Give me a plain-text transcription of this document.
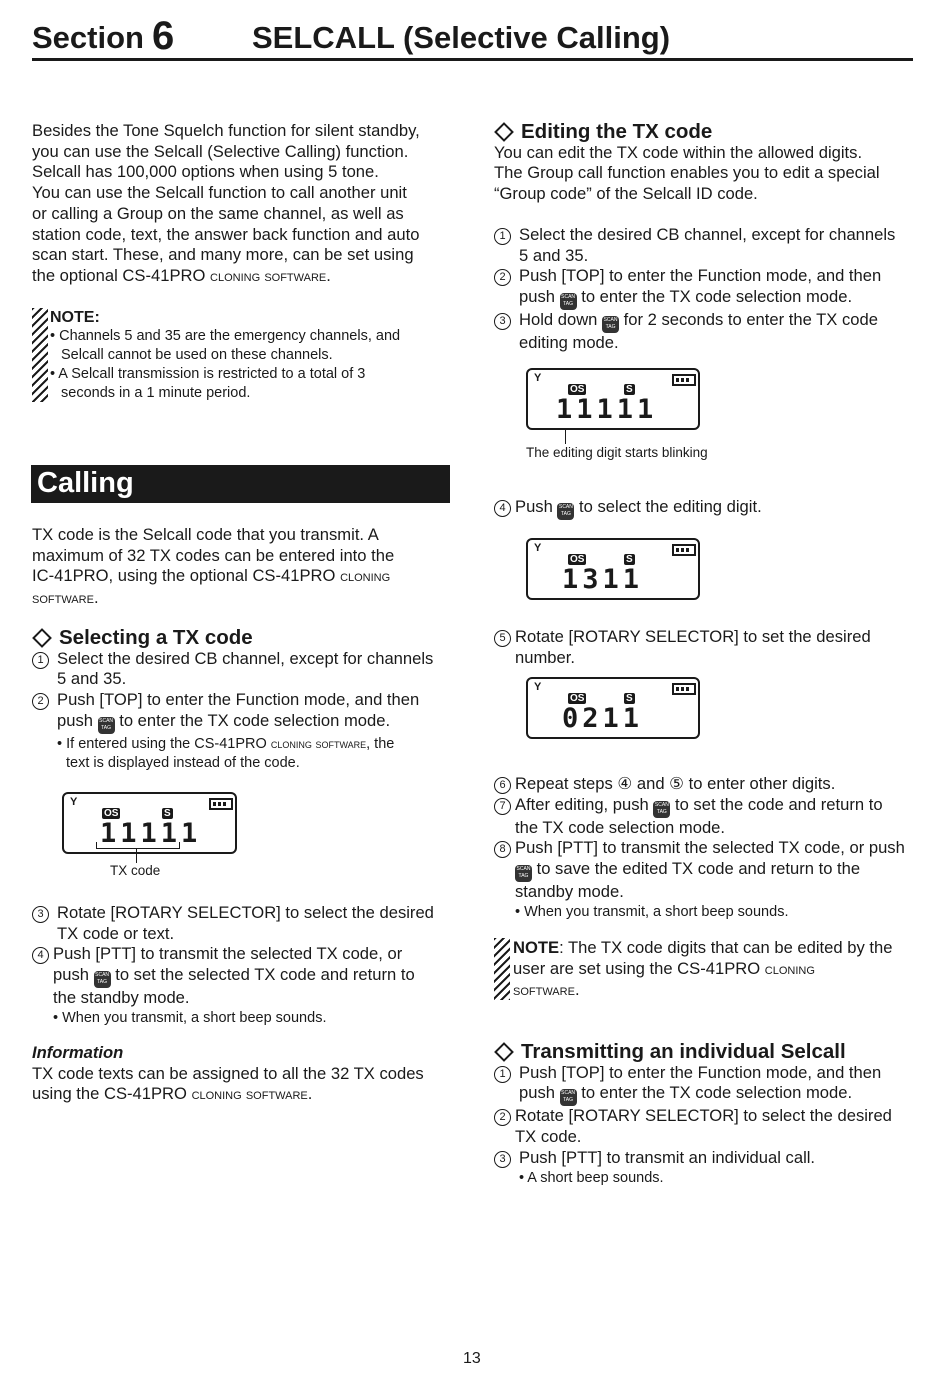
Section 6	SELCALL (Selective Calling)

Besides the Tone Squelch function for silent standby,

you can use the Selcall (Selective Calling) function.

Selcall has 100,000 options when using 5 tone.

You can use the Selcall function to call another unit

or calling a Group on the same channel, as well as

station code, text, the answer back function and auto

scan start. These, and many more, can be set using

the optional CS-41PRO cloning software.

NOTE:

• Channels 5 and 35 are the emergency channels, and

Selcall cannot be used on these channels.

• A Selcall transmission is restricted to a total of 3

seconds in a 1 minute period.

Calling

TX code is the Selcall code that you transmit. A

maximum of 32 TX codes can be entered into the

IC-41PRO, using the optional CS-41PRO cloning

software.

Selecting a TX code
1 Select the desired CB channel, except for channels

5 and 35.

2 Push [TOP] to enter the Function mode, and then

push SCAN
TAG to enter the TX code selection mode.

• If entered using the CS-41PRO cloning software, the

text is displayed instead of the code.

Y
OS	S
11111
TX code
3 Rotate [ROTARY SELECTOR] to select the desired

TX code or text.

4 Push [PTT] to transmit the selected TX code, or

push SCAN
TAG to set the selected TX code and return to

the standby mode.

• When you transmit, a short beep sounds.

Information

TX code texts can be assigned to all the 32 TX codes

using the CS-41PRO cloning software.

Editing the TX code

You can edit the TX code within the allowed digits.

The Group call function enables you to edit a special

“Group code” of the Selcall ID code.

1 Select the desired CB channel, except for channels

5 and 35.

2 Push [TOP] to enter the Function mode, and then

push SCAN
TAG to enter the TX code selection mode.

3 Hold down SCAN
TAG for 2 seconds to enter the TX code

editing mode.

Y
OS	S
11111
The editing digit starts blinking
4 Push SCAN
TAG to select the editing digit.

Y
OS	S
1311
5 Rotate [ROTARY SELECTOR] to set the desired

number.

Y
OS	S
0211
6 Repeat steps ④ and ⑤ to enter other digits.

7 After editing, push SCAN
TAG to set the code and return to

the TX code selection mode.

8 Push [PTT] to transmit the selected TX code, or push

SCAN
TAG to save the edited TX code and return to the

standby mode.

• When you transmit, a short beep sounds.

NOTE: The TX code digits that can be edited by the

user are set using the CS-41PRO cloning

software.

Transmitting an individual Selcall
1 Push [TOP] to enter the Function mode, and then

push SCAN
TAG to enter the TX code selection mode.

2 Rotate [ROTARY SELECTOR] to select the desired

TX code.

3 Push [PTT] to transmit an individual call.

• A short beep sounds.

13
